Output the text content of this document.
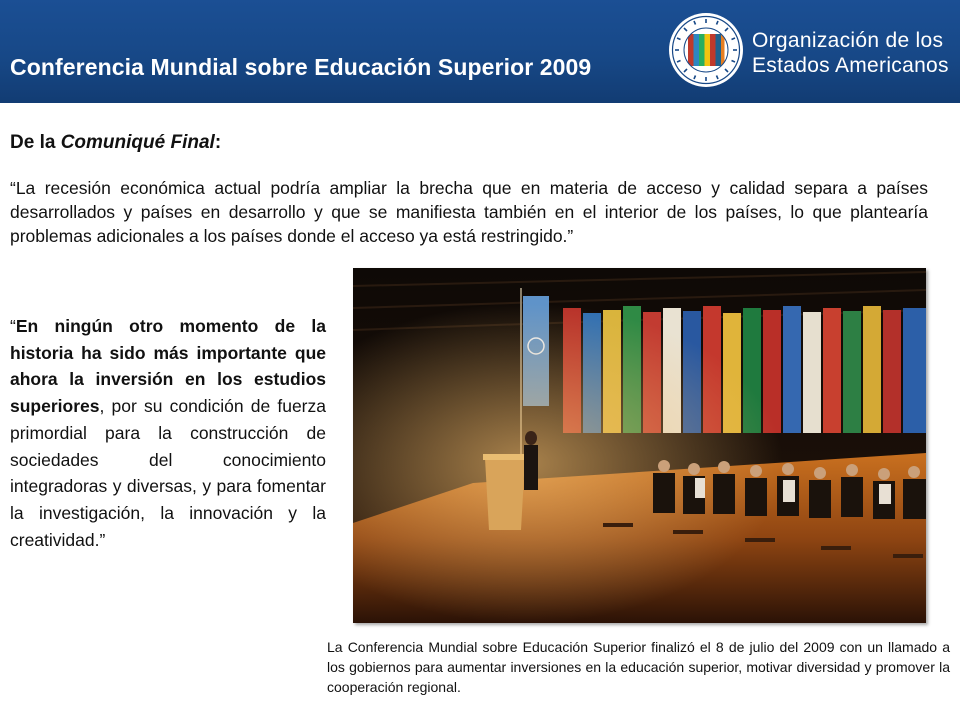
Conferencia Mundial sobre Educación Superior 2009
Organización de los
Estados Americanos
De la Comuniqué Final:
“La recesión económica actual podría ampliar la brecha que en materia de acceso y calidad separa a países desarrollados y países en desarrollo y que se manifiesta también en el interior de los países, lo que plantearía problemas adicionales a los países donde el acceso ya está restringido.”
“En ningún otro momento de la historia ha sido más importante que ahora la inversión en los estudios superiores, por su condición de fuerza primordial para la construcción de sociedades del conocimiento integradoras y diversas, y para fomentar la investigación, la innovación y la creatividad.”
La Conferencia Mundial sobre Educación Superior finalizó el 8 de julio del 2009 con un llamado a los gobiernos para aumentar inversiones en la educación superior, motivar diversidad y promover la cooperación regional.
